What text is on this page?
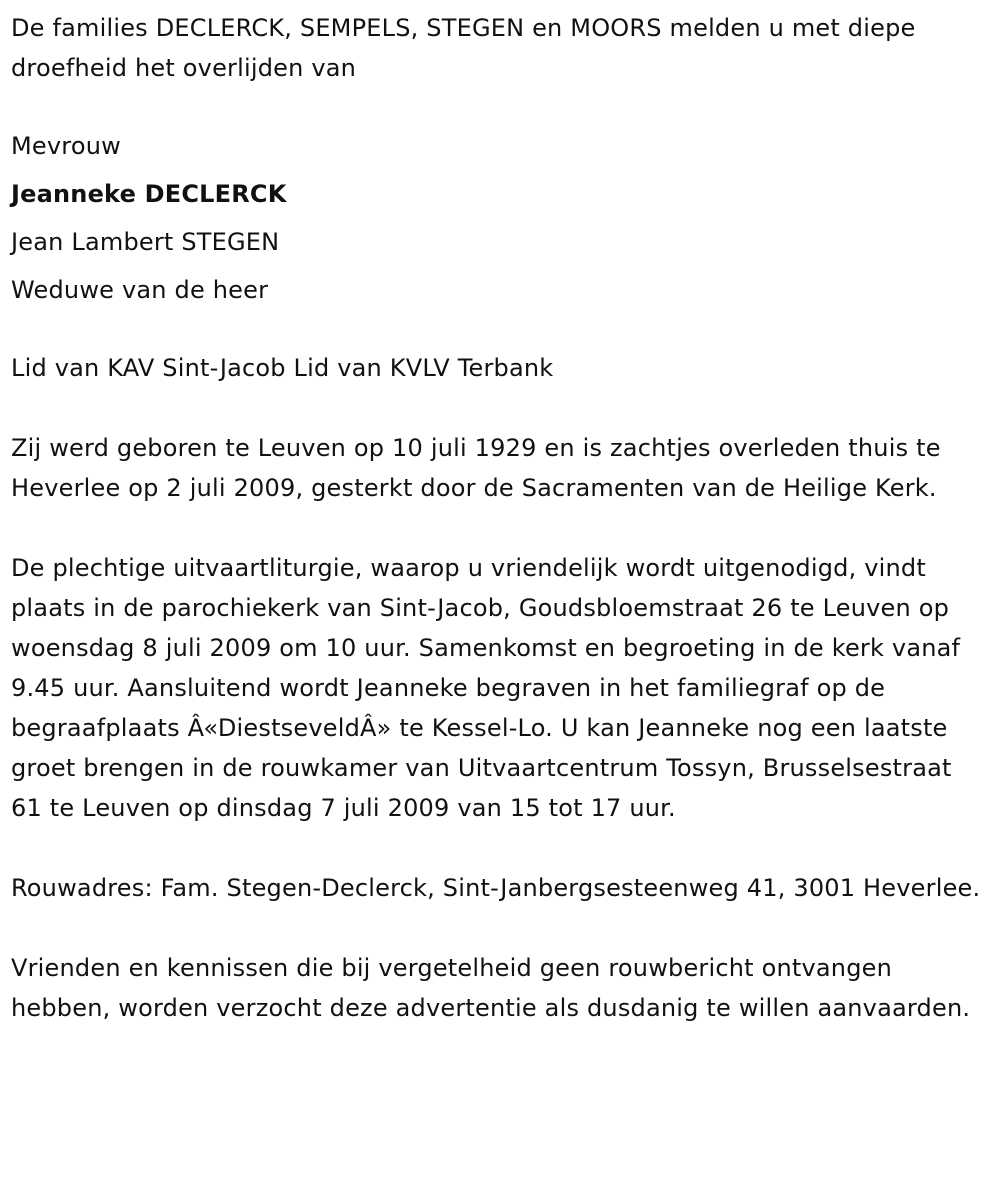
De families DECLERCK, SEMPELS, STEGEN en MOORS melden u met diepe droefheid het overlijden van

Mevrouw
Jeanneke DECLERCK
Jean Lambert STEGEN
Weduwe van de heer

Lid van KAV Sint-Jacob Lid van KVLV Terbank

Zij werd geboren te Leuven op 10 juli 1929 en is zachtjes overleden thuis te Heverlee op 2 juli 2009, gesterkt door de Sacramenten van de Heilige Kerk.

De plechtige uitvaartliturgie, waarop u vriendelijk wordt uitgenodigd, vindt plaats in de parochiekerk van Sint-Jacob, Goudsbloemstraat 26 te Leuven op woensdag 8 juli 2009 om 10 uur. Samenkomst en begroeting in de kerk vanaf 9.45 uur. Aansluitend wordt Jeanneke begraven in het familiegraf op de begraafplaats Â«DiestseveldÂ» te Kessel-Lo. U kan Jeanneke nog een laatste groet brengen in de rouwkamer van Uitvaartcentrum Tossyn, Brusselsestraat 61 te Leuven op dinsdag 7 juli 2009 van 15 tot 17 uur.

Rouwadres: Fam. Stegen-Declerck, Sint-Janbergsesteenweg 41, 3001 Heverlee.

Vrienden en kennissen die bij vergetelheid geen rouwbericht ontvangen hebben, worden verzocht deze advertentie als dusdanig te willen aanvaarden.
